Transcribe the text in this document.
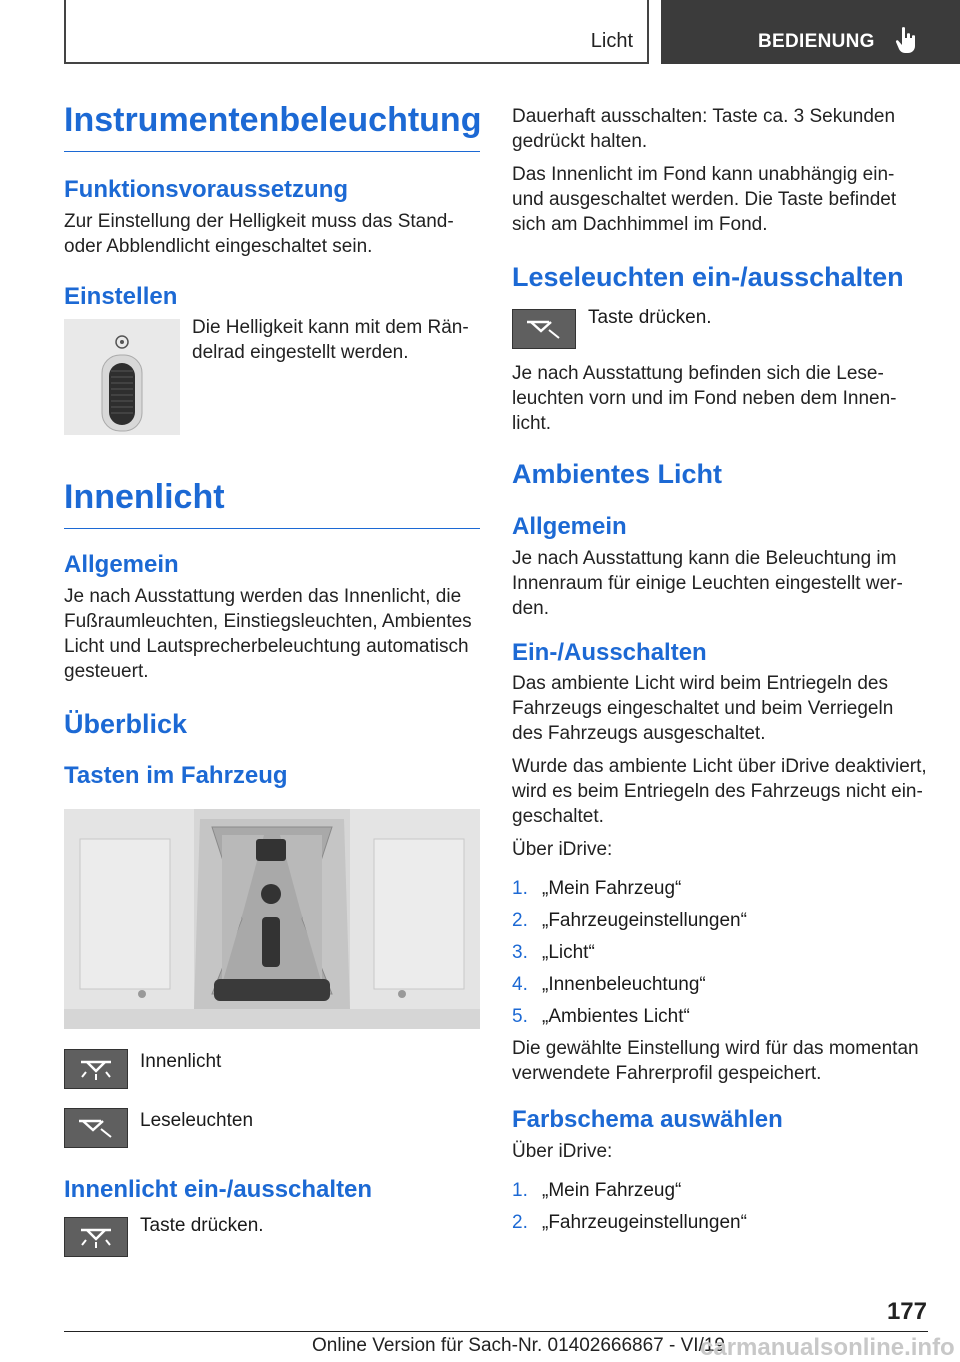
Licht	BEDIENUNG
Instrumentenbeleuchtung
Funktionsvoraussetzung

Zur Einstellung der Helligkeit muss das Stand-
oder Abblendlicht eingeschaltet sein.

Einstellen

Die Helligkeit kann mit dem Rän-
delrad eingestellt werden.

Innenlicht
Allgemein

Je nach Ausstattung werden das Innenlicht, die Fußraumleuchten, Einstiegsleuchten, Ambientes Licht und Lautsprecherbeleuchtung automatisch gesteuert.

Überblick
Tasten im Fahrzeug
Innenlicht
Leseleuchten
Innenlicht ein-/ausschalten
Taste drücken.

Dauerhaft ausschalten: Taste ca. 3 Sekunden gedrückt halten.

Das Innenlicht im Fond kann unabhängig ein- und ausgeschaltet werden. Die Taste befindet sich am Dachhimmel im Fond.

Leseleuchten ein-/ausschalten
Taste drücken.

Je nach Ausstattung befinden sich die Lese-leuchten vorn und im Fond neben dem Innen-licht.

Ambientes Licht
Allgemein

Je nach Ausstattung kann die Beleuchtung im Innenraum für einige Leuchten eingestellt wer-den.

Ein-/Ausschalten

Das ambiente Licht wird beim Entriegeln des Fahrzeugs eingeschaltet und beim Verriegeln des Fahrzeugs ausgeschaltet.

Wurde das ambiente Licht über iDrive deaktiviert, wird es beim Entriegeln des Fahrzeugs nicht ein-geschaltet.

Über iDrive:

1. „Mein Fahrzeug“
2. „Fahrzeugeinstellungen“
3. „Licht“
4. „Innenbeleuchtung“
5. „Ambientes Licht“

Die gewählte Einstellung wird für das momentan verwendete Fahrerprofil gespeichert.

Farbschema auswählen

Über iDrive:

1. „Mein Fahrzeug“
2. „Fahrzeugeinstellungen“
177
Online Version für Sach-Nr. 01402666867 - VI/19
carmanualsonline.info
